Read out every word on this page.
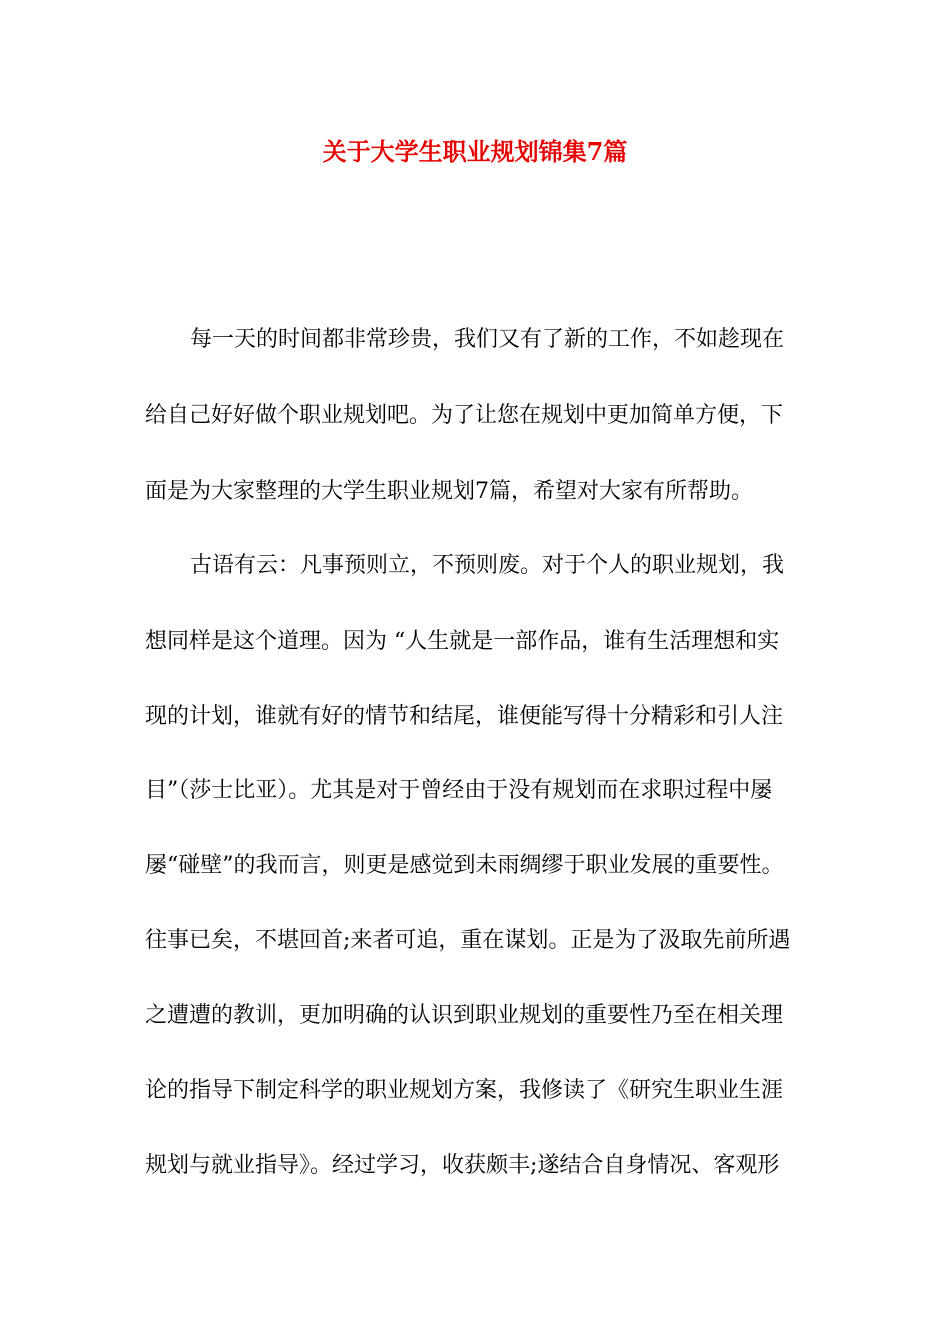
关于大学生职业规划锦集7篇

每一天的时间都非常珍贵，我们又有了新的工作，不如趁现在

给自己好好做个职业规划吧。为了让您在规划中更加简单方便，下

面是为大家整理的大学生职业规划7篇，希望对大家有所帮助。

古语有云：凡事预则立，不预则废。对于个人的职业规划，我

想同样是这个道理。因为 “人生就是一部作品，谁有生活理想和实

现的计划，谁就有好的情节和结尾，谁便能写得十分精彩和引人注

目”（莎士比亚）。尤其是对于曾经由于没有规划而在求职过程中屡

屡“碰壁”的我而言，则更是感觉到未雨绸缪于职业发展的重要性。

往事已矣，不堪回首;来者可追，重在谋划。正是为了汲取先前所遇

之遭遭的教训，更加明确的认识到职业规划的重要性乃至在相关理

论的指导下制定科学的职业规划方案，我修读了《研究生职业生涯

规划与就业指导》。经过学习，收获颇丰;遂结合自身情况、客观形
